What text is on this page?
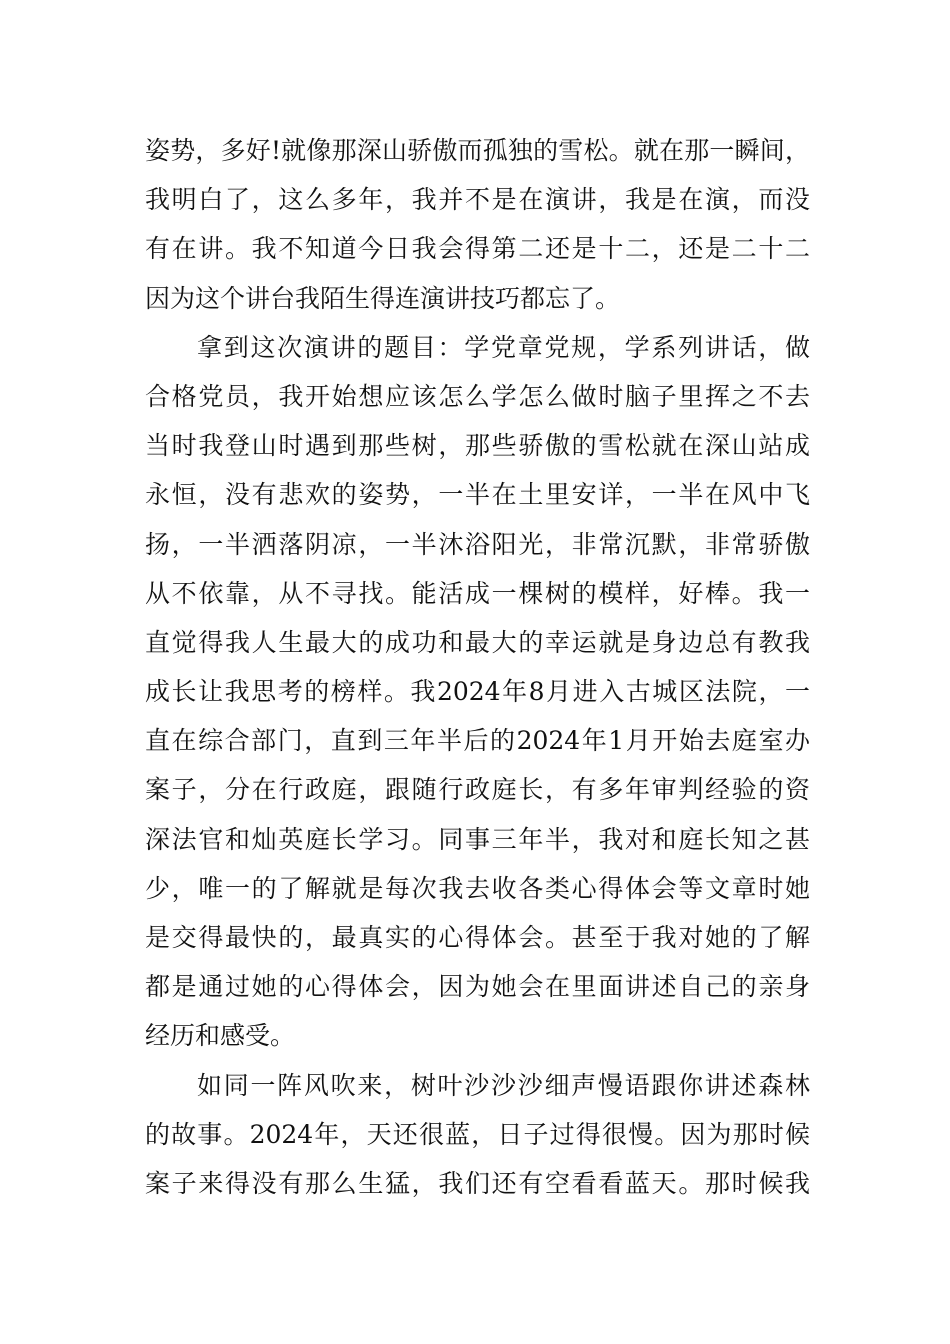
姿势，多好!就像那深山骄傲而孤独的雪松。就在那一瞬间，
我明白了，这么多年，我并不是在演讲，我是在演，而没
有在讲。我不知道今日我会得第二还是十二，还是二十二
因为这个讲台我陌生得连演讲技巧都忘了。
拿到这次演讲的题目：学党章党规，学系列讲话，做
合格党员，我开始想应该怎么学怎么做时脑子里挥之不去
当时我登山时遇到那些树，那些骄傲的雪松就在深山站成
永恒，没有悲欢的姿势，一半在土里安详，一半在风中飞
扬，一半洒落阴凉，一半沐浴阳光，非常沉默，非常骄傲
从不依靠，从不寻找。能活成一棵树的模样，好棒。我一
直觉得我人生最大的成功和最大的幸运就是身边总有教我
成长让我思考的榜样。我2024年8月进入古城区法院，一
直在综合部门，直到三年半后的2024年1月开始去庭室办
案子，分在行政庭，跟随行政庭长，有多年审判经验的资
深法官和灿英庭长学习。同事三年半，我对和庭长知之甚
少，唯一的了解就是每次我去收各类心得体会等文章时她
是交得最快的，最真实的心得体会。甚至于我对她的了解
都是通过她的心得体会，因为她会在里面讲述自己的亲身
经历和感受。
如同一阵风吹来，树叶沙沙沙细声慢语跟你讲述森林
的故事。2024年，天还很蓝，日子过得很慢。因为那时候
案子来得没有那么生猛，我们还有空看看蓝天。那时候我
